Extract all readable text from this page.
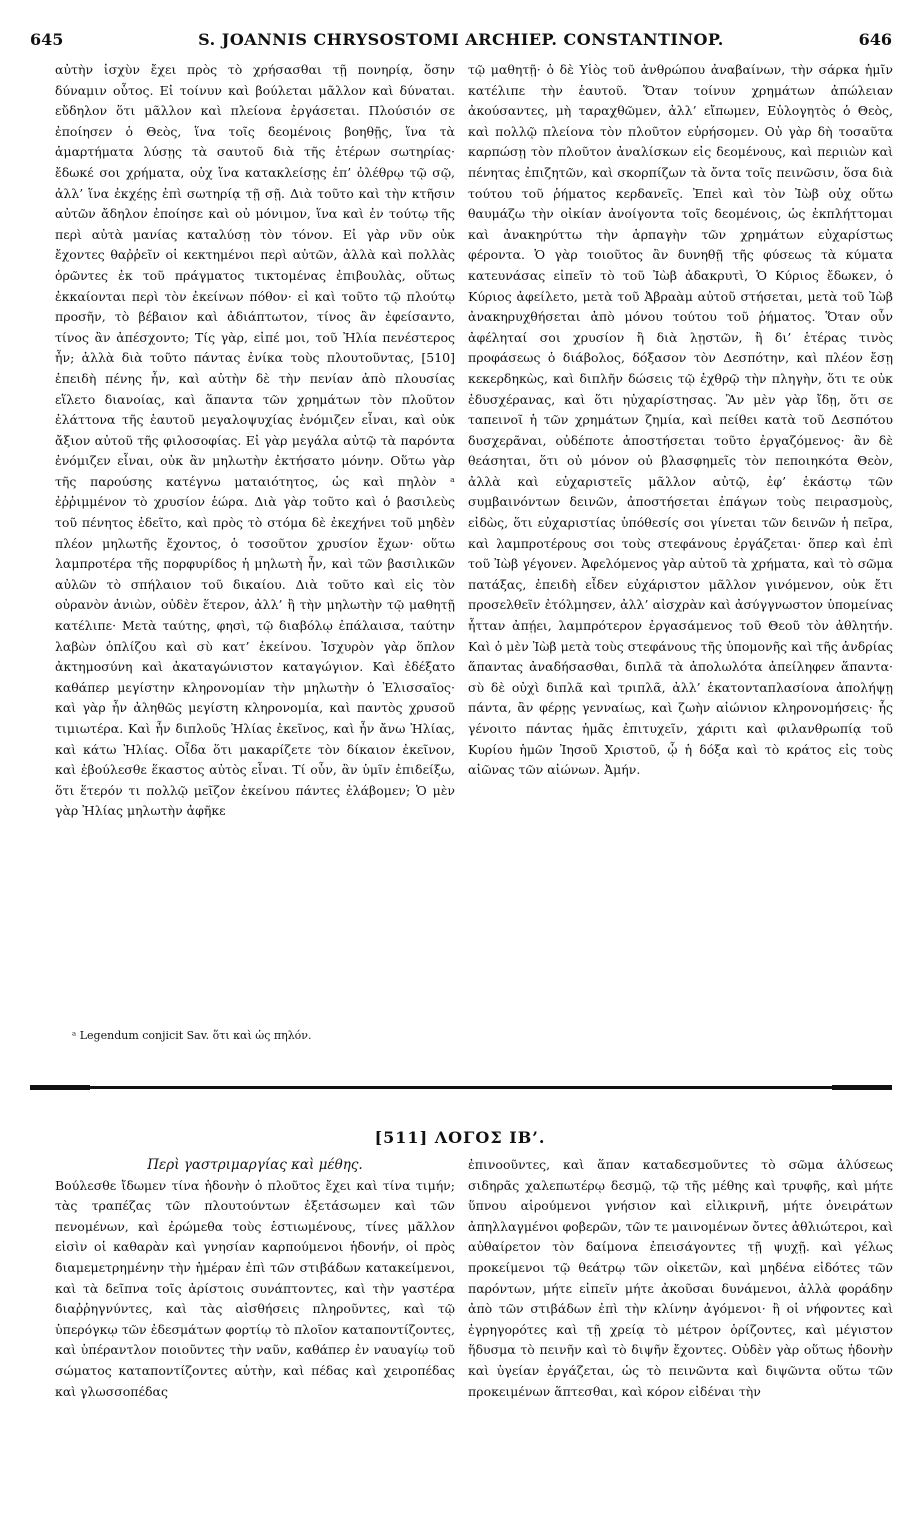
645	S. JOANNIS CHRYSOSTOMI ARCHIEP. CONSTANTINOP.	646

αὐτὴν ἰσχὺν ἔχει πρὸς τὸ χρήσασθαι τῇ πονηρίᾳ, ὅσην δύναμιν οὗτος. Εἰ τοίνυν καὶ βούλεται μᾶλλον καὶ δύναται. εὔδηλον ὅτι μᾶλλον καὶ πλείονα ἐργάσεται. Πλούσιόν σε ἐποίησεν ὁ Θεὸς, ἵνα τοῖς δεομένοις βοηθῇς, ἵνα τὰ ἁμαρτήματα λύσῃς τὰ σαυτοῦ διὰ τῆς ἑτέρων σωτηρίας· ἔδωκέ σοι χρήματα, οὐχ ἵνα κατακλείσῃς ἐπ’ ὀλέθρῳ τῷ σῷ, ἀλλ’ ἵνα ἐκχέῃς ἐπὶ σωτηρίᾳ τῇ σῇ. Διὰ τοῦτο καὶ τὴν κτῆσιν αὐτῶν ἄδηλον ἐποίησε καὶ οὐ μόνιμον, ἵνα καὶ ἐν τούτῳ τῆς περὶ αὐτὰ μανίας καταλύσῃ τὸν τόνον. Εἰ γὰρ νῦν οὐκ ἔχοντες θαῤῥεῖν οἱ κεκτημένοι περὶ αὐτῶν, ἀλλὰ καὶ πολλὰς ὁρῶντες ἐκ τοῦ πράγματος τικτομένας ἐπιβουλὰς, οὕτως ἐκκαίονται περὶ τὸν ἐκείνων πόθον· εἰ καὶ τοῦτο τῷ πλούτῳ προσῆν, τὸ βέβαιον καὶ ἀδιάπτωτον, τίνος ἂν ἐφείσαντο, τίνος ἂν ἀπέσχοντο; Τίς γὰρ, εἰπέ μοι, τοῦ Ἠλία πενέστερος ἦν; ἀλλὰ διὰ τοῦτο πάντας ἐνίκα τοὺς πλουτοῦντας, [510] ἐπειδὴ πένης ἦν, καὶ αὐτὴν δὲ τὴν πενίαν ἀπὸ πλουσίας εἵλετο διανοίας, καὶ ἅπαντα τῶν χρημάτων τὸν πλοῦτον ἐλάττονα τῆς ἑαυτοῦ μεγαλοψυχίας ἐνόμιζεν εἶναι, καὶ οὐκ ἄξιον αὐτοῦ τῆς φιλοσοφίας. Εἰ γὰρ μεγάλα αὐτῷ τὰ παρόντα ἐνόμιζεν εἶναι, οὐκ ἂν μηλωτὴν ἐκτήσατο μόνην. Οὕτω γὰρ τῆς παρούσης κατέγνω ματαιότητος, ὡς καὶ πηλὸν ᵃ ἐῤῥιμμένον τὸ χρυσίον ἑώρα. Διὰ γὰρ τοῦτο καὶ ὁ βασιλεὺς τοῦ πένητος ἐδεῖτο, καὶ πρὸς τὸ στόμα δὲ ἐκεχήνει τοῦ μηδὲν πλέον μηλωτῆς ἔχοντος, ὁ τοσοῦτον χρυσίον ἔχων· οὕτω λαμπροτέρα τῆς πορφυρίδος ἡ μηλωτὴ ἦν, καὶ τῶν βασιλικῶν αὐλῶν τὸ σπήλαιον τοῦ δικαίου. Διὰ τοῦτο καὶ εἰς τὸν οὐρανὸν ἀνιὼν, οὐδὲν ἕτερον, ἀλλ’ ἢ τὴν μηλωτὴν τῷ μαθητῇ κατέλιπε· Μετὰ ταύτης, φησὶ, τῷ διαβόλῳ ἐπάλαισα, ταύτην λαβὼν ὁπλίζου καὶ σὺ κατ’ ἐκείνου. Ἰσχυρὸν γὰρ ὅπλον ἀκτημοσύνη καὶ ἀκαταγώνιστον καταγώγιον. Καὶ ἐδέξατο καθάπερ μεγίστην κληρονομίαν τὴν μηλωτὴν ὁ Ἐλισσαῖος· καὶ γὰρ ἦν ἀληθῶς μεγίστη κληρονομία, καὶ παντὸς χρυσοῦ τιμιωτέρα. Καὶ ἦν διπλοῦς Ἠλίας ἐκεῖνος, καὶ ἦν ἄνω Ἠλίας, καὶ κάτω Ἠλίας. Οἶδα ὅτι μακαρίζετε τὸν δίκαιον ἐκεῖνον, καὶ ἐβούλεσθε ἕκαστος αὐτὸς εἶναι. Τί οὖν, ἂν ὑμῖν ἐπιδείξω, ὅτι ἕτερόν τι πολλῷ μεῖζον ἐκείνου πάντες ἐλάβομεν; Ὁ μὲν γὰρ Ἠλίας μηλωτὴν ἀφῆκε

ᵃ Legendum conjicit Sav. ὅτι καὶ ὡς πηλόν.

τῷ μαθητῇ· ὁ δὲ Υἱὸς τοῦ ἀνθρώπου ἀναβαίνων, τὴν σάρκα ἡμῖν κατέλιπε τὴν ἑαυτοῦ. Ὅταν τοίνυν χρημάτων ἀπώλειαν ἀκούσαντες, μὴ ταραχθῶμεν, ἀλλ’ εἴπωμεν, Εὐλογητὸς ὁ Θεὸς, καὶ πολλῷ πλείονα τὸν πλοῦτον εὑρήσομεν. Οὐ γὰρ δὴ τοσαῦτα καρπώσῃ τὸν πλοῦτον ἀναλίσκων εἰς δεομένους, καὶ περιιὼν καὶ πένητας ἐπιζητῶν, καὶ σκορπίζων τὰ ὄντα τοῖς πεινῶσιν, ὅσα διὰ τούτου τοῦ ῥήματος κερδανεῖς. Ἐπεὶ καὶ τὸν Ἰὼβ οὐχ οὕτω θαυμάζω τὴν οἰκίαν ἀνοίγοντα τοῖς δεομένοις, ὡς ἐκπλήττομαι καὶ ἀνακηρύττω τὴν ἁρπαγὴν τῶν χρημάτων εὐχαρίστως φέροντα. Ὁ γὰρ τοιοῦτος ἂν δυνηθῇ τῆς φύσεως τὰ κύματα κατευνάσας εἰπεῖν τὸ τοῦ Ἰὼβ ἀδακρυτὶ, Ὁ Κύριος ἔδωκεν, ὁ Κύριος ἀφείλετο, μετὰ τοῦ Ἀβραὰμ αὐτοῦ στήσεται, μετὰ τοῦ Ἰὼβ ἀνακηρυχθήσεται ἀπὸ μόνου τούτου τοῦ ῥήματος. Ὅταν οὖν ἀφέληταί σοι χρυσίον ἢ διὰ λῃστῶν, ἢ δι’ ἑτέρας τινὸς προφάσεως ὁ διάβολος, δόξασον τὸν Δεσπότην, καὶ πλέον ἔσῃ κεκερδηκὼς, καὶ διπλῆν δώσεις τῷ ἐχθρῷ τὴν πληγὴν, ὅτι τε οὐκ ἐδυσχέρανας, καὶ ὅτι ηὐχαρίστησας. Ἂν μὲν γὰρ ἴδῃ, ὅτι σε ταπεινοῖ ἡ τῶν χρημάτων ζημία, καὶ πείθει κατὰ τοῦ Δεσπότου δυσχερᾶναι, οὐδέποτε ἀποστήσεται τοῦτο ἐργαζόμενος· ἂν δὲ θεάσηται, ὅτι οὐ μόνον οὐ βλασφημεῖς τὸν πεποιηκότα Θεὸν, ἀλλὰ καὶ εὐχαριστεῖς μᾶλλον αὐτῷ, ἐφ’ ἑκάστῳ τῶν συμβαινόντων δεινῶν, ἀποστήσεται ἐπάγων τοὺς πειρασμοὺς, εἰδὼς, ὅτι εὐχαριστίας ὑπόθεσίς σοι γίνεται τῶν δεινῶν ἡ πεῖρα, καὶ λαμπροτέρους σοι τοὺς στεφάνους ἐργάζεται· ὅπερ καὶ ἐπὶ τοῦ Ἰὼβ γέγονεν. Ἀφελόμενος γὰρ αὐτοῦ τὰ χρήματα, καὶ τὸ σῶμα πατάξας, ἐπειδὴ εἶδεν εὐχάριστον μᾶλλον γινόμενον, οὐκ ἔτι προσελθεῖν ἐτόλμησεν, ἀλλ’ αἰσχρὰν καὶ ἀσύγγνωστον ὑπομείνας ἧτταν ἀπῄει, λαμπρότερον ἐργασάμενος τοῦ Θεοῦ τὸν ἀθλητήν. Καὶ ὁ μὲν Ἰὼβ μετὰ τοὺς στεφάνους τῆς ὑπομονῆς καὶ τῆς ἀνδρίας ἅπαντας ἀναδήσασθαι, διπλᾶ τὰ ἀπολωλότα ἀπείληφεν ἅπαντα· σὺ δὲ οὐχὶ διπλᾶ καὶ τριπλᾶ, ἀλλ’ ἑκατονταπλασίονα ἀπολήψῃ πάντα, ἂν φέρῃς γενναίως, καὶ ζωὴν αἰώνιον κληρονομήσεις· ἧς γένοιτο πάντας ἡμᾶς ἐπιτυχεῖν, χάριτι καὶ φιλανθρωπίᾳ τοῦ Κυρίου ἡμῶν Ἰησοῦ Χριστοῦ, ᾧ ἡ δόξα καὶ τὸ κράτος εἰς τοὺς αἰῶνας τῶν αἰώνων. Ἀμήν.

[511] ΛΟΓΟΣ ΙΒ’.

Περὶ γαστριμαργίας καὶ μέθης.

Βούλεσθε ἴδωμεν τίνα ἡδονὴν ὁ πλοῦτος ἔχει καὶ τίνα τιμήν; τὰς τραπέζας τῶν πλουτούντων ἐξετάσωμεν καὶ τῶν πενομένων, καὶ ἐρώμεθα τοὺς ἑστιωμένους, τίνες μᾶλλον εἰσὶν οἱ καθαρὰν καὶ γνησίαν καρπούμενοι ἡδονήν, οἱ πρὸς διαμεμετρημένην τὴν ἡμέραν ἐπὶ τῶν στιβάδων κατακείμενοι, καὶ τὰ δεῖπνα τοῖς ἀρίστοις συνάπτοντες, καὶ τὴν γαστέρα διαῤῥηγνύντες, καὶ τὰς αἰσθήσεις πληροῦντες, καὶ τῷ ὑπερόγκῳ τῶν ἐδεσμάτων φορτίῳ τὸ πλοῖον καταποντίζοντες, καὶ ὑπέραντλον ποιοῦντες τὴν ναῦν, καθάπερ ἐν ναυαγίῳ τοῦ σώματος καταποντίζοντες αὐτὴν, καὶ πέδας καὶ χειροπέδας καὶ γλωσσοπέδας

ἐπινοοῦντες, καὶ ἅπαν καταδεσμοῦντες τὸ σῶμα ἁλύσεως σιδηρᾶς χαλεπωτέρῳ δεσμῷ, τῷ τῆς μέθης καὶ τρυφῆς, καὶ μήτε ὕπνου αἱρούμενοι γνήσιον καὶ εἰλικρινῆ, μήτε ὀνειράτων ἀπηλλαγμένοι φοβερῶν, τῶν τε μαινομένων ὄντες ἀθλιώτεροι, καὶ αὐθαίρετον τὸν δαίμονα ἐπεισάγοντες τῇ ψυχῇ. καὶ γέλως προκείμενοι τῷ θεάτρῳ τῶν οἰκετῶν, καὶ μηδένα εἰδότες τῶν παρόντων, μήτε εἰπεῖν μήτε ἀκοῦσαι δυνάμενοι, ἀλλὰ φοράδην ἀπὸ τῶν στιβάδων ἐπὶ τὴν κλίνην ἀγόμενοι· ἢ οἱ νήφοντες καὶ ἐγρηγορότες καὶ τῇ χρείᾳ τὸ μέτρον ὁρίζοντες, καὶ μέγιστον ἥδυσμα τὸ πεινῆν καὶ τὸ διψῆν ἔχοντες. Οὐδὲν γὰρ οὕτως ἡδονὴν καὶ ὑγείαν ἐργάζεται, ὡς τὸ πεινῶντα καὶ διψῶντα οὕτω τῶν προκειμένων ἅπτεσθαι, καὶ κόρον εἰδέναι τὴν
